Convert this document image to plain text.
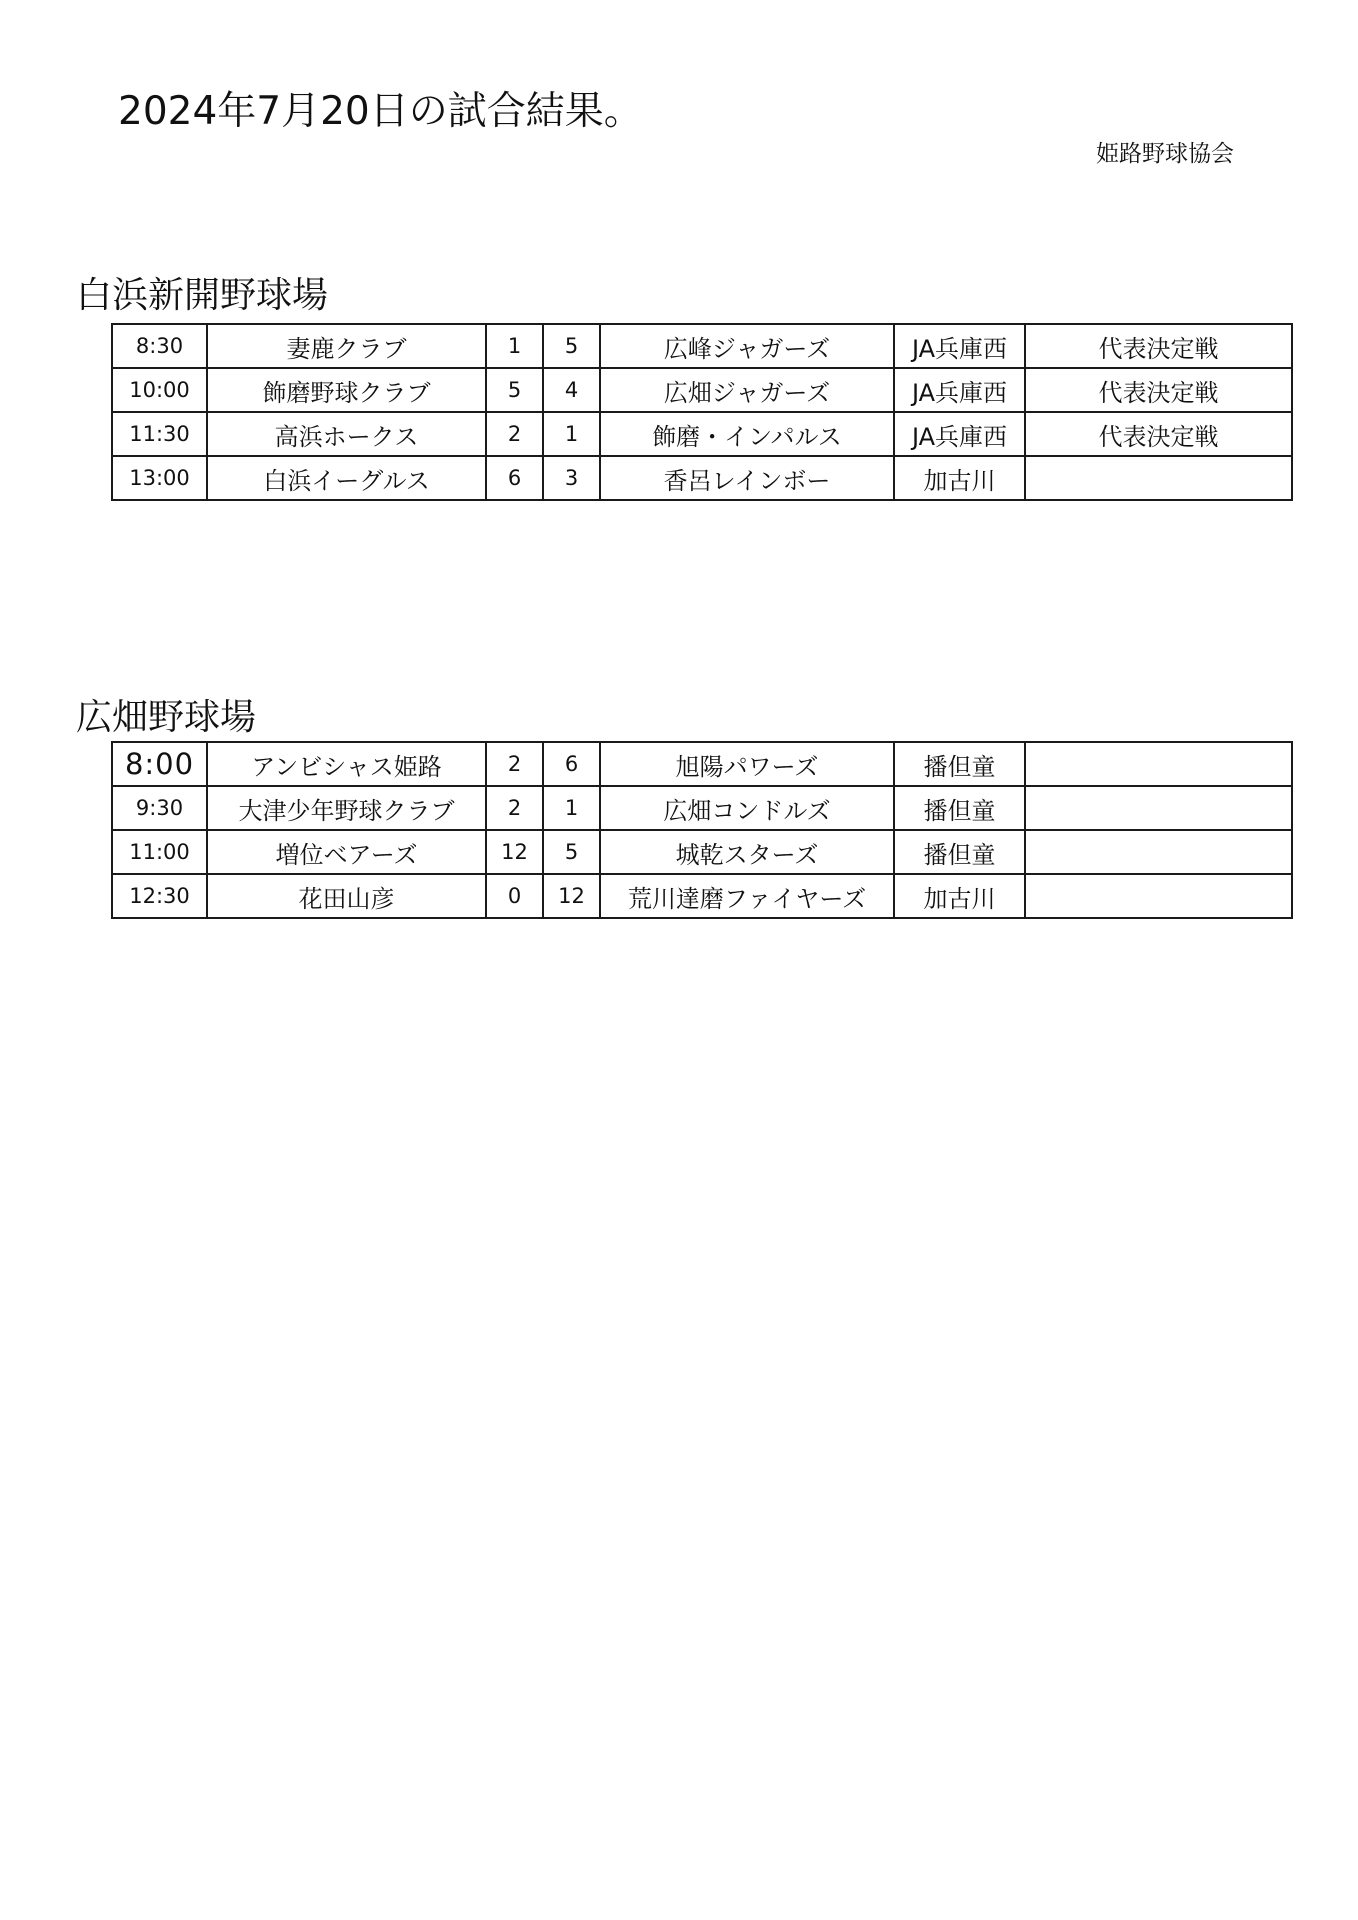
2024年7月20日の試合結果。
姫路野球協会
白浜新開野球場
8:30	妻鹿クラブ	1	5	広峰ジャガーズ	JA兵庫西	代表決定戦
10:00	飾磨野球クラブ	5	4	広畑ジャガーズ	JA兵庫西	代表決定戦
11:30	高浜ホークス	2	1	飾磨・インパルス	JA兵庫西	代表決定戦
13:00	白浜イーグルス	6	3	香呂レインボー	加古川	
広畑野球場
8:00	アンビシャス姫路	2	6	旭陽パワーズ	播但童	
9:30	大津少年野球クラブ	2	1	広畑コンドルズ	播但童	
11:00	増位ベアーズ	12	5	城乾スターズ	播但童	
12:30	花田山彦	0	12	荒川達磨ファイヤーズ	加古川	
